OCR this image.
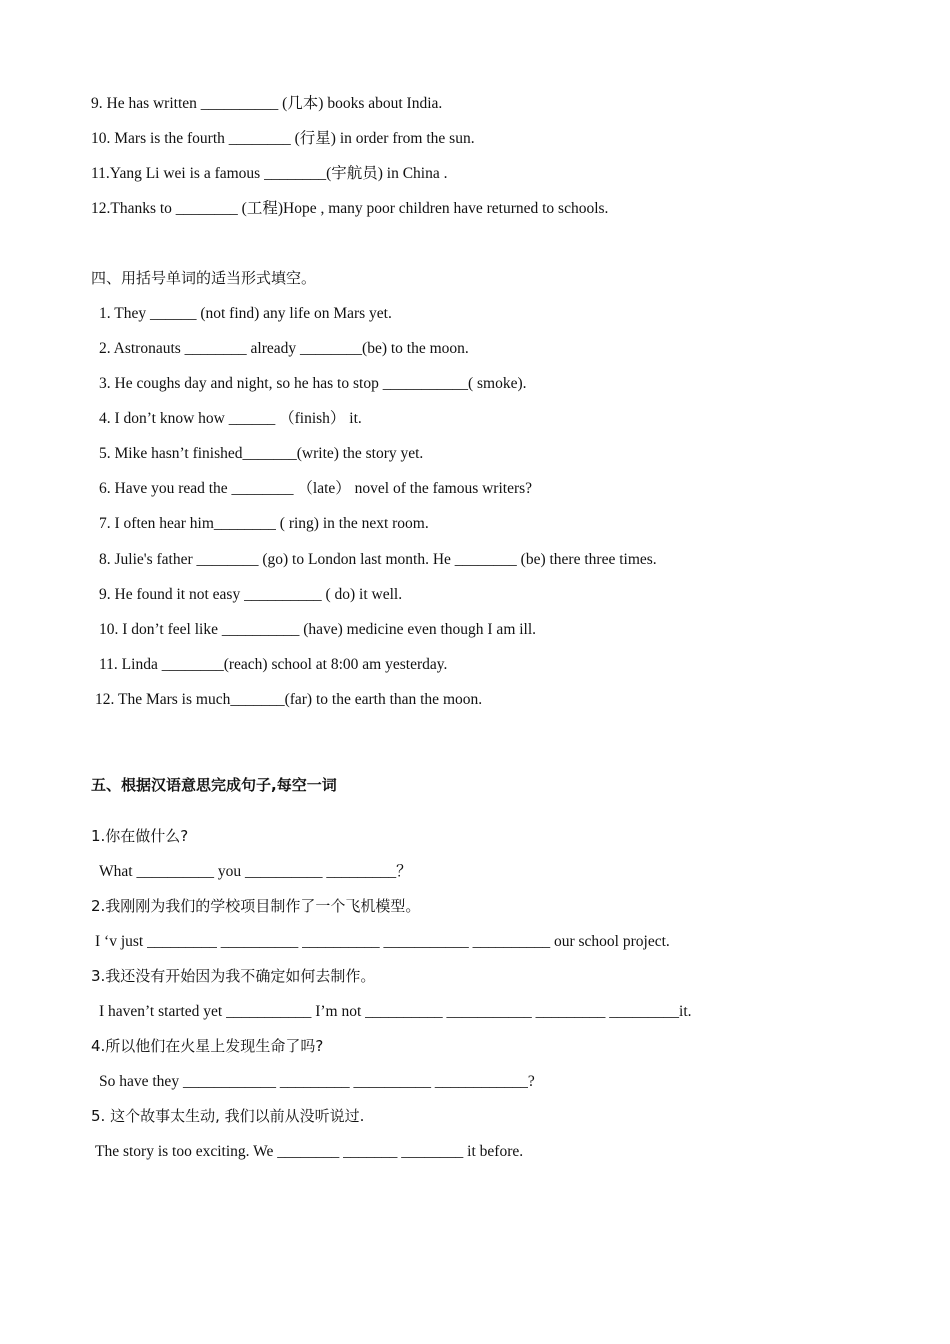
9. He has written __________ (几本) books about India.
10. Mars is the fourth ________ (行星) in order from the sun.
11.Yang Li wei is a famous ________(宇航员) in China .
12.Thanks to ________ (工程)Hope , many poor children have returned to schools.
四、用括号单词的适当形式填空。
1. They ______ (not find) any life on Mars yet.
2. Astronauts ________ already ________(be) to the moon.
3. He coughs day and night, so he has to stop ___________( smoke).
4. I don’t know how ______ （finish） it.
5. Mike hasn’t finished_______(write) the story yet.
6. Have you read the ________ （late） novel of the famous writers?
7. I often hear him________ ( ring) in the next room.
8. Julie's father ________ (go) to London last month. He ________ (be) there three times.
9. He found it not easy __________ ( do) it well.
10. I don’t feel like __________ (have) medicine even though I am ill.
11. Linda ________(reach) school at 8:00 am yesterday.
12. The Mars is much_______(far) to the earth than the moon.
五、根据汉语意思完成句子,每空一词
1.你在做什么?
What __________ you __________ _________？
2.我刚刚为我们的学校项目制作了一个飞机模型。
I ‘v just _________ __________ __________ ___________ __________ our school project.
3.我还没有开始因为我不确定如何去制作。
I haven’t started yet ___________ I’m not __________ ___________ _________ _________it.
4.所以他们在火星上发现生命了吗?
So have they ____________ _________ __________ ____________?
5. 这个故事太生动, 我们以前从没听说过.
The story is too exciting. We ________ _______ ________ it before.
